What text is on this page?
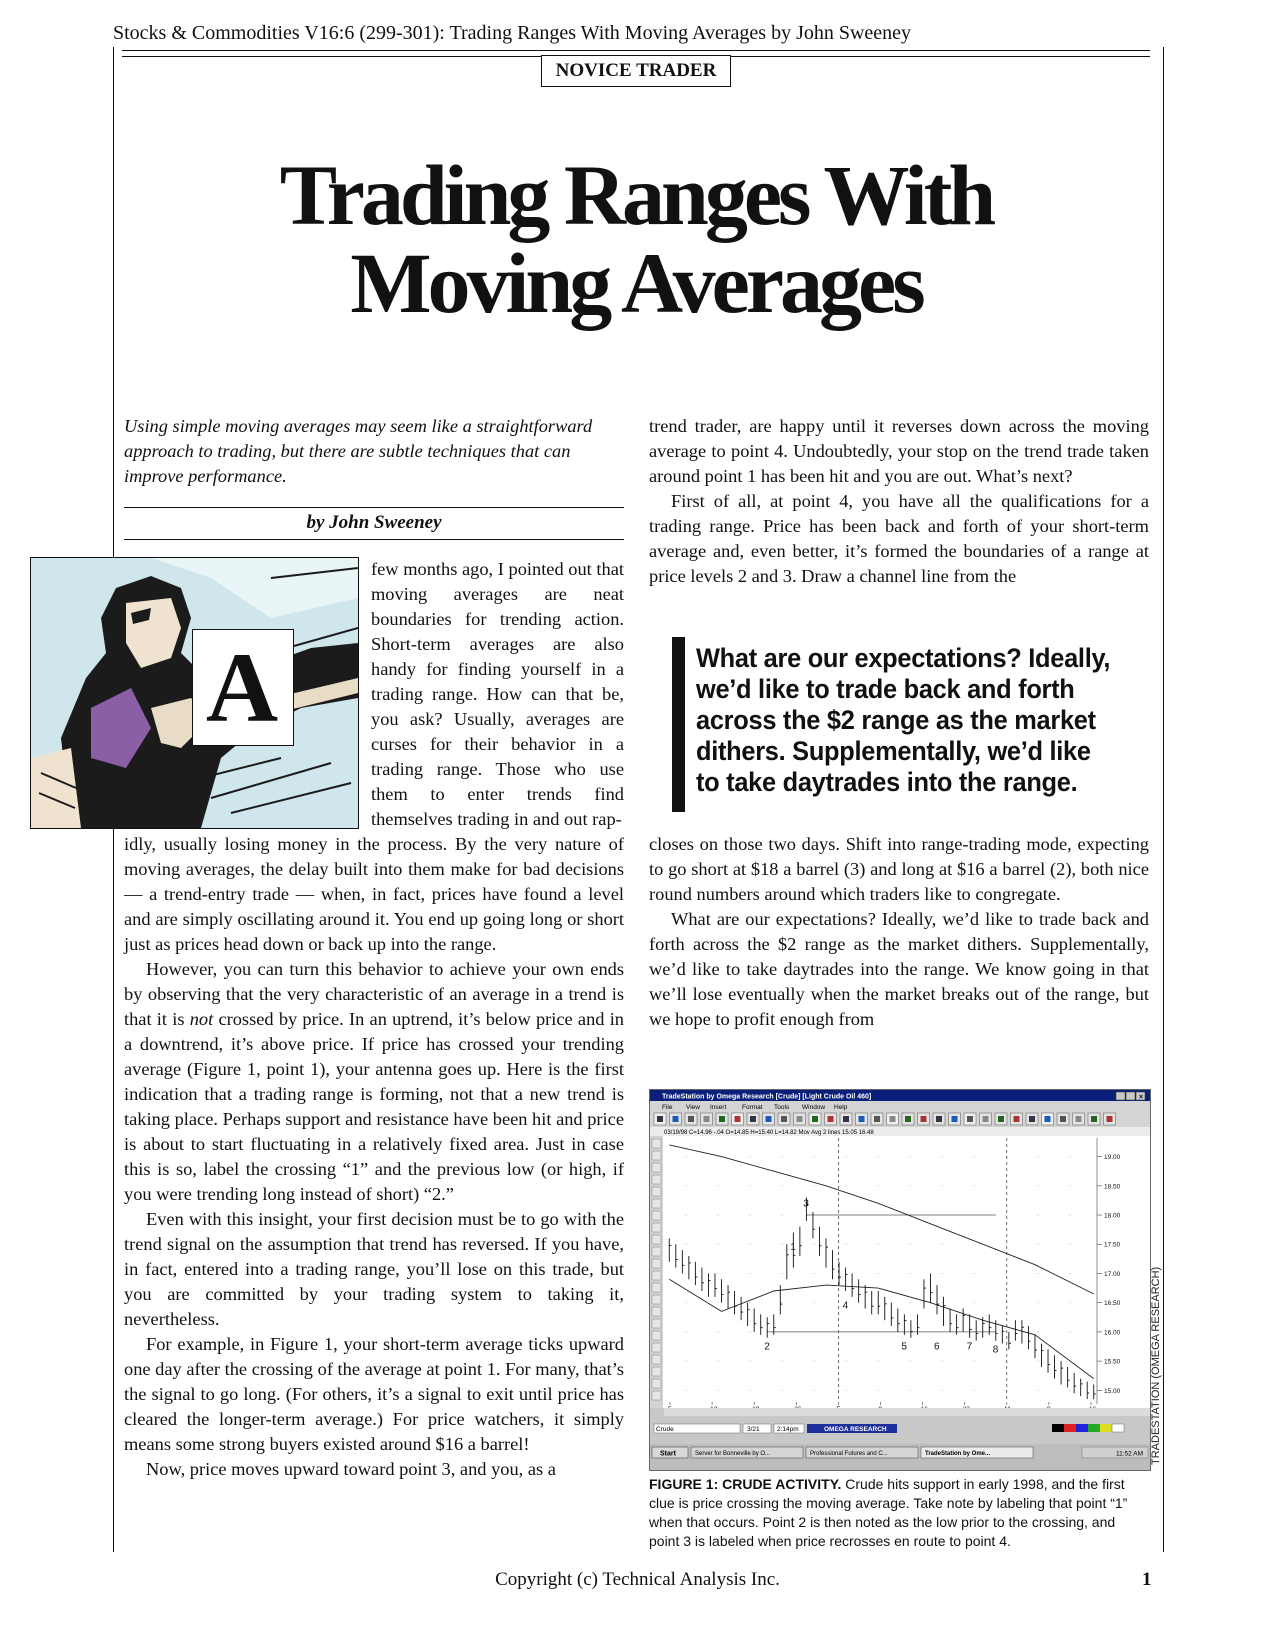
Stocks & Commodities V16:6 (299-301): Trading Ranges With Moving Averages by John Sweeney
NOVICE TRADER
Trading Ranges With
Moving Averages
Using simple moving averages may seem like a straightforward approach to trading, but there are subtle techniques that can improve performance.
by John Sweeney
A

few months ago, I pointed out that moving averages are neat boundaries for trending action. Short-term averages are also handy for finding yourself in a trading range. How can that be, you ask? Usually, averages are curses for their behavior in a trading range. Those who use them to enter trends find themselves trading in and out rap-

idly, usually losing money in the process. By the very nature of moving averages, the delay built into them make for bad decisions — a trend-entry trade — when, in fact, prices have found a level and are simply oscillating around it. You end up going long or short just as prices head down or back up into the range.

However, you can turn this behavior to achieve your own ends by observing that the very characteristic of an average in a trend is that it is not crossed by price. In an uptrend, it’s below price and in a downtrend, it’s above price. If price has crossed your trending average (Figure 1, point 1), your antenna goes up. Here is the first indication that a trading range is forming, not that a new trend is taking place. Perhaps support and resistance have been hit and price is about to start fluctuating in a relatively fixed area. Just in case this is so, label the crossing “1” and the previous low (or high, if you were trending long instead of short) “2.”

Even with this insight, your first decision must be to go with the trend signal on the assumption that trend has reversed. If you have, in fact, entered into a trading range, you’ll lose on this trade, but you are committed by your trading system to taking it, nevertheless.

For example, in Figure 1, your short-term average ticks upward one day after the crossing of the average at point 1. For many, that’s the signal to go long. (For others, it’s a signal to exit until price has cleared the longer-term average.) For price watchers, it simply means some strong buyers existed around $16 a barrel!

Now, price moves upward toward point 3, and you, as a

trend trader, are happy until it reverses down across the moving average to point 4. Undoubtedly, your stop on the trend trade taken around point 1 has been hit and you are out. What’s next?

First of all, at point 4, you have all the qualifications for a trading range. Price has been back and forth of your short-term average and, even better, it’s formed the boundaries of a range at price levels 2 and 3. Draw a channel line from the

What are our expectations? Ideally, we’d like to trade back and forth across the $2 range as the market dithers. Supplementally, we’d like to take daytrades into the range.

closes on those two days. Shift into range-trading mode, expecting to go short at $18 a barrel (3) and long at $16 a barrel (2), both nice round numbers around which traders like to congregate.

What are our expectations? Ideally, we’d like to trade back and forth across the $2 range as the market dithers. Supplementally, we’d like to take daytrades into the range. We know going in that we’ll lose eventually when the market breaks out of the range, but we hope to profit enough from

TradeStation by Omega Research [Crude] [Light Crude Oil 460]	×
File View Insert Format Tools Window Help
03/19/98 C=14.96 -.04 O=14.85 H=15.40 L=14.82 Mov Avg 2 lines 15.05 16.48
19.00
18.50
18.00
17.50
17.00
16.50
16.00
15.50
15.00
1
2
3
4
5	6	7 8
Crude	3/21	2:14pm	OMEGA RESEARCH
Start	Server for Bonneville by O...	Professional Futures and C...	TradeStation by Ome...	11:52 AM
FIGURE 1: CRUDE ACTIVITY. Crude hits support in early 1998, and the first clue is price crossing the moving average. Take note by labeling that point “1” when that occurs. Point 2 is then noted as the low prior to the crossing, and point 3 is labeled when price recrosses en route to point 4.
TRADESTATION (OMEGA RESEARCH)
Copyright (c) Technical Analysis Inc.	1
